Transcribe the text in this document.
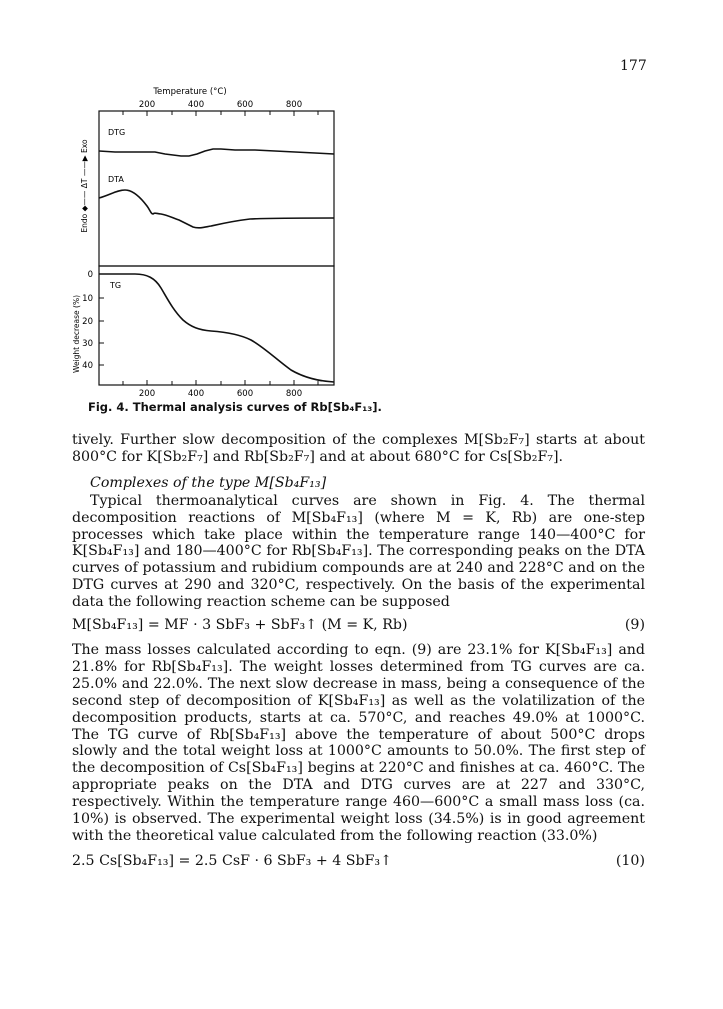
177
Temperature (°C)
200	400	600	800
DTG
DTA
Endo ◆—— ΔT ——▶ Exo
TG
0
10
20
30
40
Weight decrease (%)
200	400	600	800
Fig. 4. Thermal analysis curves of Rb[Sb₄F₁₃].

tively. Further slow decomposition of the complexes M[Sb₂F₇] starts at about 800°C for K[Sb₂F₇] and Rb[Sb₂F₇] and at about 680°C for Cs[Sb₂F₇].

Complexes of the type M[Sb₄F₁₃]

Typical thermoanalytical curves are shown in Fig. 4. The thermal decomposition reactions of M[Sb₄F₁₃] (where M = K, Rb) are one-step processes which take place within the temperature range 140—400°C for K[Sb₄F₁₃] and 180—400°C for Rb[Sb₄F₁₃]. The corresponding peaks on the DTA curves of potassium and rubidium compounds are at 240 and 228°C and on the DTG curves at 290 and 320°C, respectively. On the basis of the experimental data the following reaction scheme can be supposed

M[Sb₄F₁₃] = MF · 3 SbF₃ + SbF₃↑ (M = K, Rb)	(9)

The mass losses calculated according to eqn. (9) are 23.1% for K[Sb₄F₁₃] and 21.8% for Rb[Sb₄F₁₃]. The weight losses determined from TG curves are ca. 25.0% and 22.0%. The next slow decrease in mass, being a consequence of the second step of decomposition of K[Sb₄F₁₃] as well as the volatilization of the decomposition products, starts at ca. 570°C, and reaches 49.0% at 1000°C. The TG curve of Rb[Sb₄F₁₃] above the temperature of about 500°C drops slowly and the total weight loss at 1000°C amounts to 50.0%. The first step of the decomposition of Cs[Sb₄F₁₃] begins at 220°C and finishes at ca. 460°C. The appropriate peaks on the DTA and DTG curves are at 227 and 330°C, respectively. Within the temperature range 460—600°C a small mass loss (ca. 10%) is observed. The experimental weight loss (34.5%) is in good agreement with the theoretical value calculated from the following reaction (33.0%)

2.5 Cs[Sb₄F₁₃] = 2.5 CsF · 6 SbF₃ + 4 SbF₃↑	(10)
